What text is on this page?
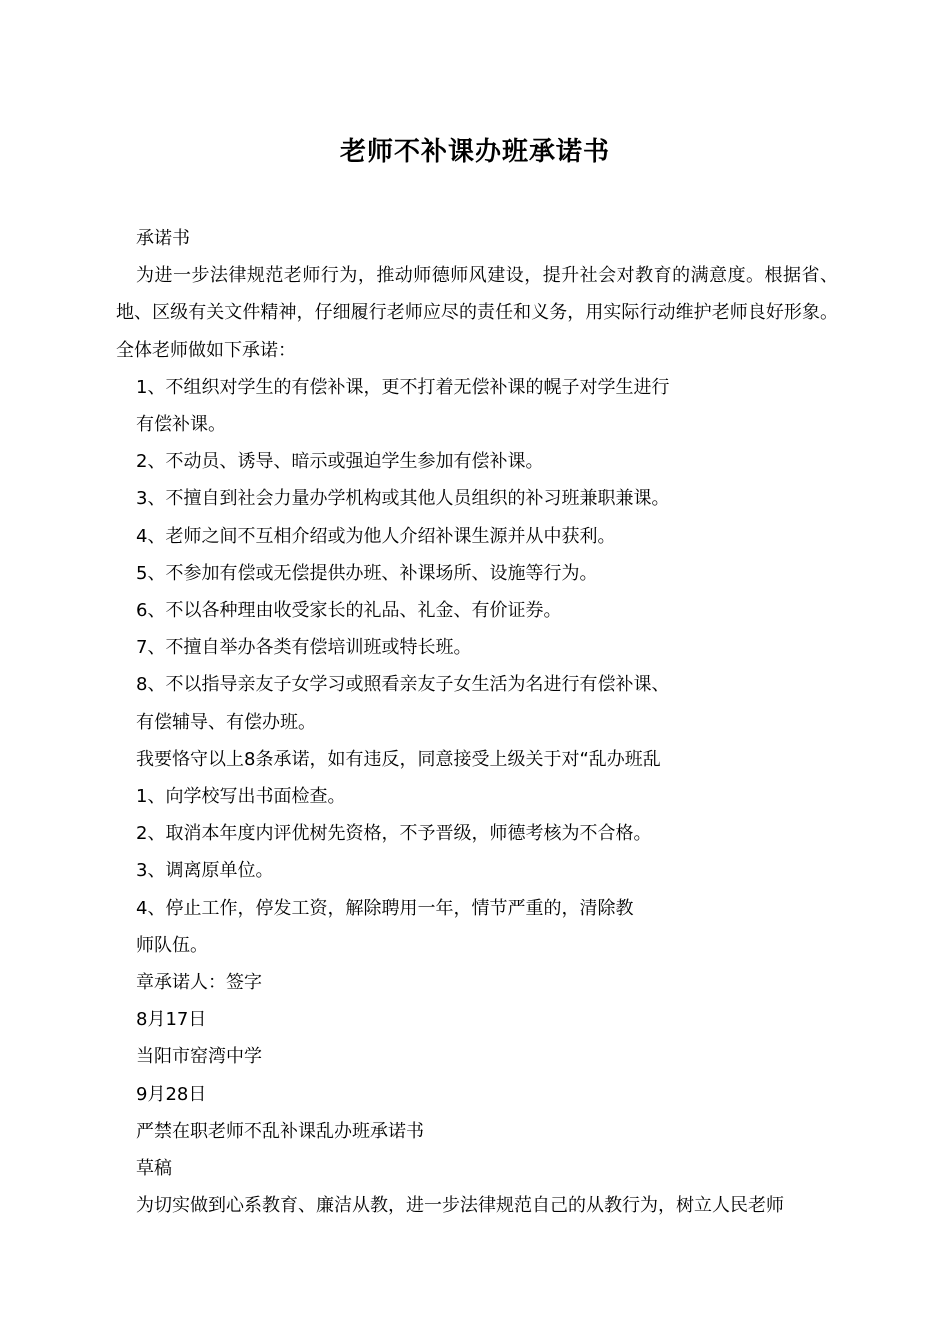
老师不补课办班承诺书

承诺书

为进一步法律规范老师行为，推动师德师风建设，提升社会对教育的满意度。根据省、地、区级有关文件精神，仔细履行老师应尽的责任和义务，用实际行动维护老师良好形象。全体老师做如下承诺：

1、不组织对学生的有偿补课，更不打着无偿补课的幌子对学生进行

有偿补课。

2、不动员、诱导、暗示或强迫学生参加有偿补课。

3、不擅自到社会力量办学机构或其他人员组织的补习班兼职兼课。

4、老师之间不互相介绍或为他人介绍补课生源并从中获利。

5、不参加有偿或无偿提供办班、补课场所、设施等行为。

6、不以各种理由收受家长的礼品、礼金、有价证券。

7、不擅自举办各类有偿培训班或特长班。

8、不以指导亲友子女学习或照看亲友子女生活为名进行有偿补课、

有偿辅导、有偿办班。

我要恪守以上8条承诺，如有违反，同意接受上级关于对“乱办班乱

1、向学校写出书面检查。

2、取消本年度内评优树先资格，不予晋级，师德考核为不合格。

3、调离原单位。

4、停止工作，停发工资，解除聘用一年，情节严重的，清除教

师队伍。

章承诺人：签字

8月17日

当阳市窑湾中学

9月28日

严禁在职老师不乱补课乱办班承诺书

草稿

为切实做到心系教育、廉洁从教，进一步法律规范自己的从教行为，树立人民老师
